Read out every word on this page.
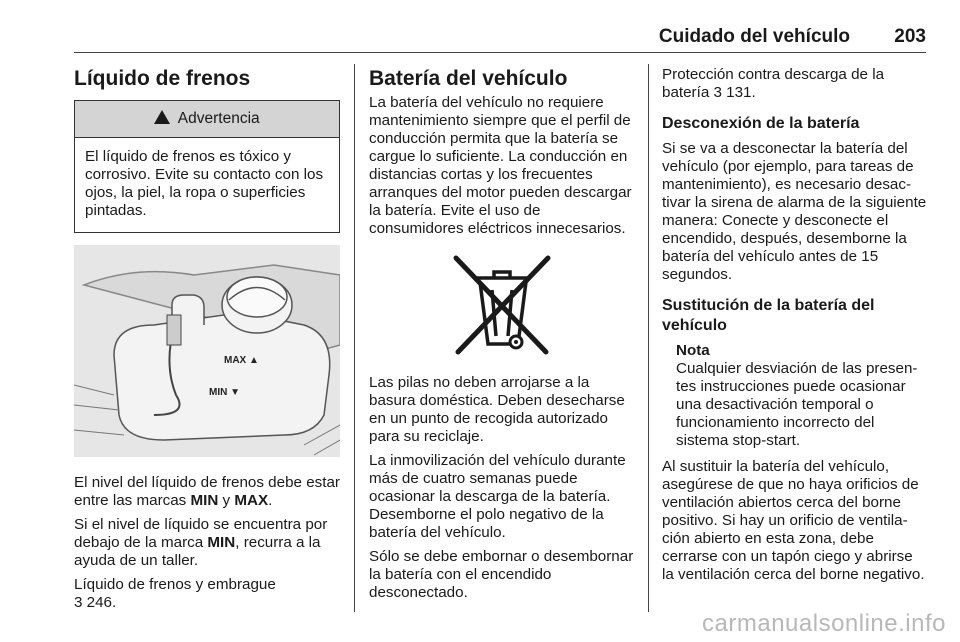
Cuidado del vehículo 203
Líquido de frenos
Advertencia
El líquido de frenos es tóxico y corrosivo. Evite su contacto con los ojos, la piel, la ropa o superficies pintadas.
MAX ▲
MIN ▼

El nivel del líquido de frenos debe estar entre las marcas MIN y MAX.

Si el nivel de líquido se encuentra por debajo de la marca MIN, recurra a la ayuda de un taller.

Líquido de frenos y embrague
3 246.

Batería del vehículo

La batería del vehículo no requiere mantenimiento siempre que el perfil de conducción permita que la batería se cargue lo suficiente. La conducción en distancias cortas y los frecuentes arranques del motor pueden descargar la batería. Evite el uso de consumidores eléctricos innecesarios.

Las pilas no deben arrojarse a la basura doméstica. Deben desecharse en un punto de recogida autorizado para su reciclaje.

La inmovilización del vehículo durante más de cuatro semanas puede ocasionar la descarga de la batería. Desemborne el polo negativo de la batería del vehículo.

Sólo se debe embornar o desembornar la batería con el encendido desconectado.

Protección contra descarga de la batería 3 131.

Desconexión de la batería

Si se va a desconectar la batería del vehículo (por ejemplo, para tareas de mantenimiento), es necesario desactivar la sirena de alarma de la siguiente manera: Conecte y desconecte el encendido, después, desemborne la batería del vehículo antes de 15 segundos.

Sustitución de la batería del vehículo
Nota
Cualquier desviación de las presentes instrucciones puede ocasionar una desactivación temporal o funcionamiento incorrecto del sistema stop-start.

Al sustituir la batería del vehículo, asegúrese de que no haya orificios de ventilación abiertos cerca del borne positivo. Si hay un orificio de ventilación abierto en esta zona, debe cerrarse con un tapón ciego y abrirse la ventilación cerca del borne negativo.

carmanualsonline.info
